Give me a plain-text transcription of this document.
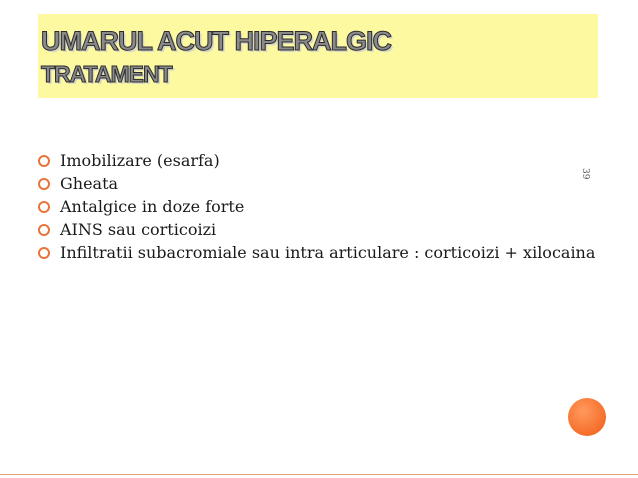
UMARUL ACUT HIPERALGIC
TRATAMENT
Imobilizare (esarfa)
Gheata
Antalgice in doze forte
AINS sau corticoizi
Infiltratii subacromiale sau intra articulare : corticoizi + xilocaina
39
